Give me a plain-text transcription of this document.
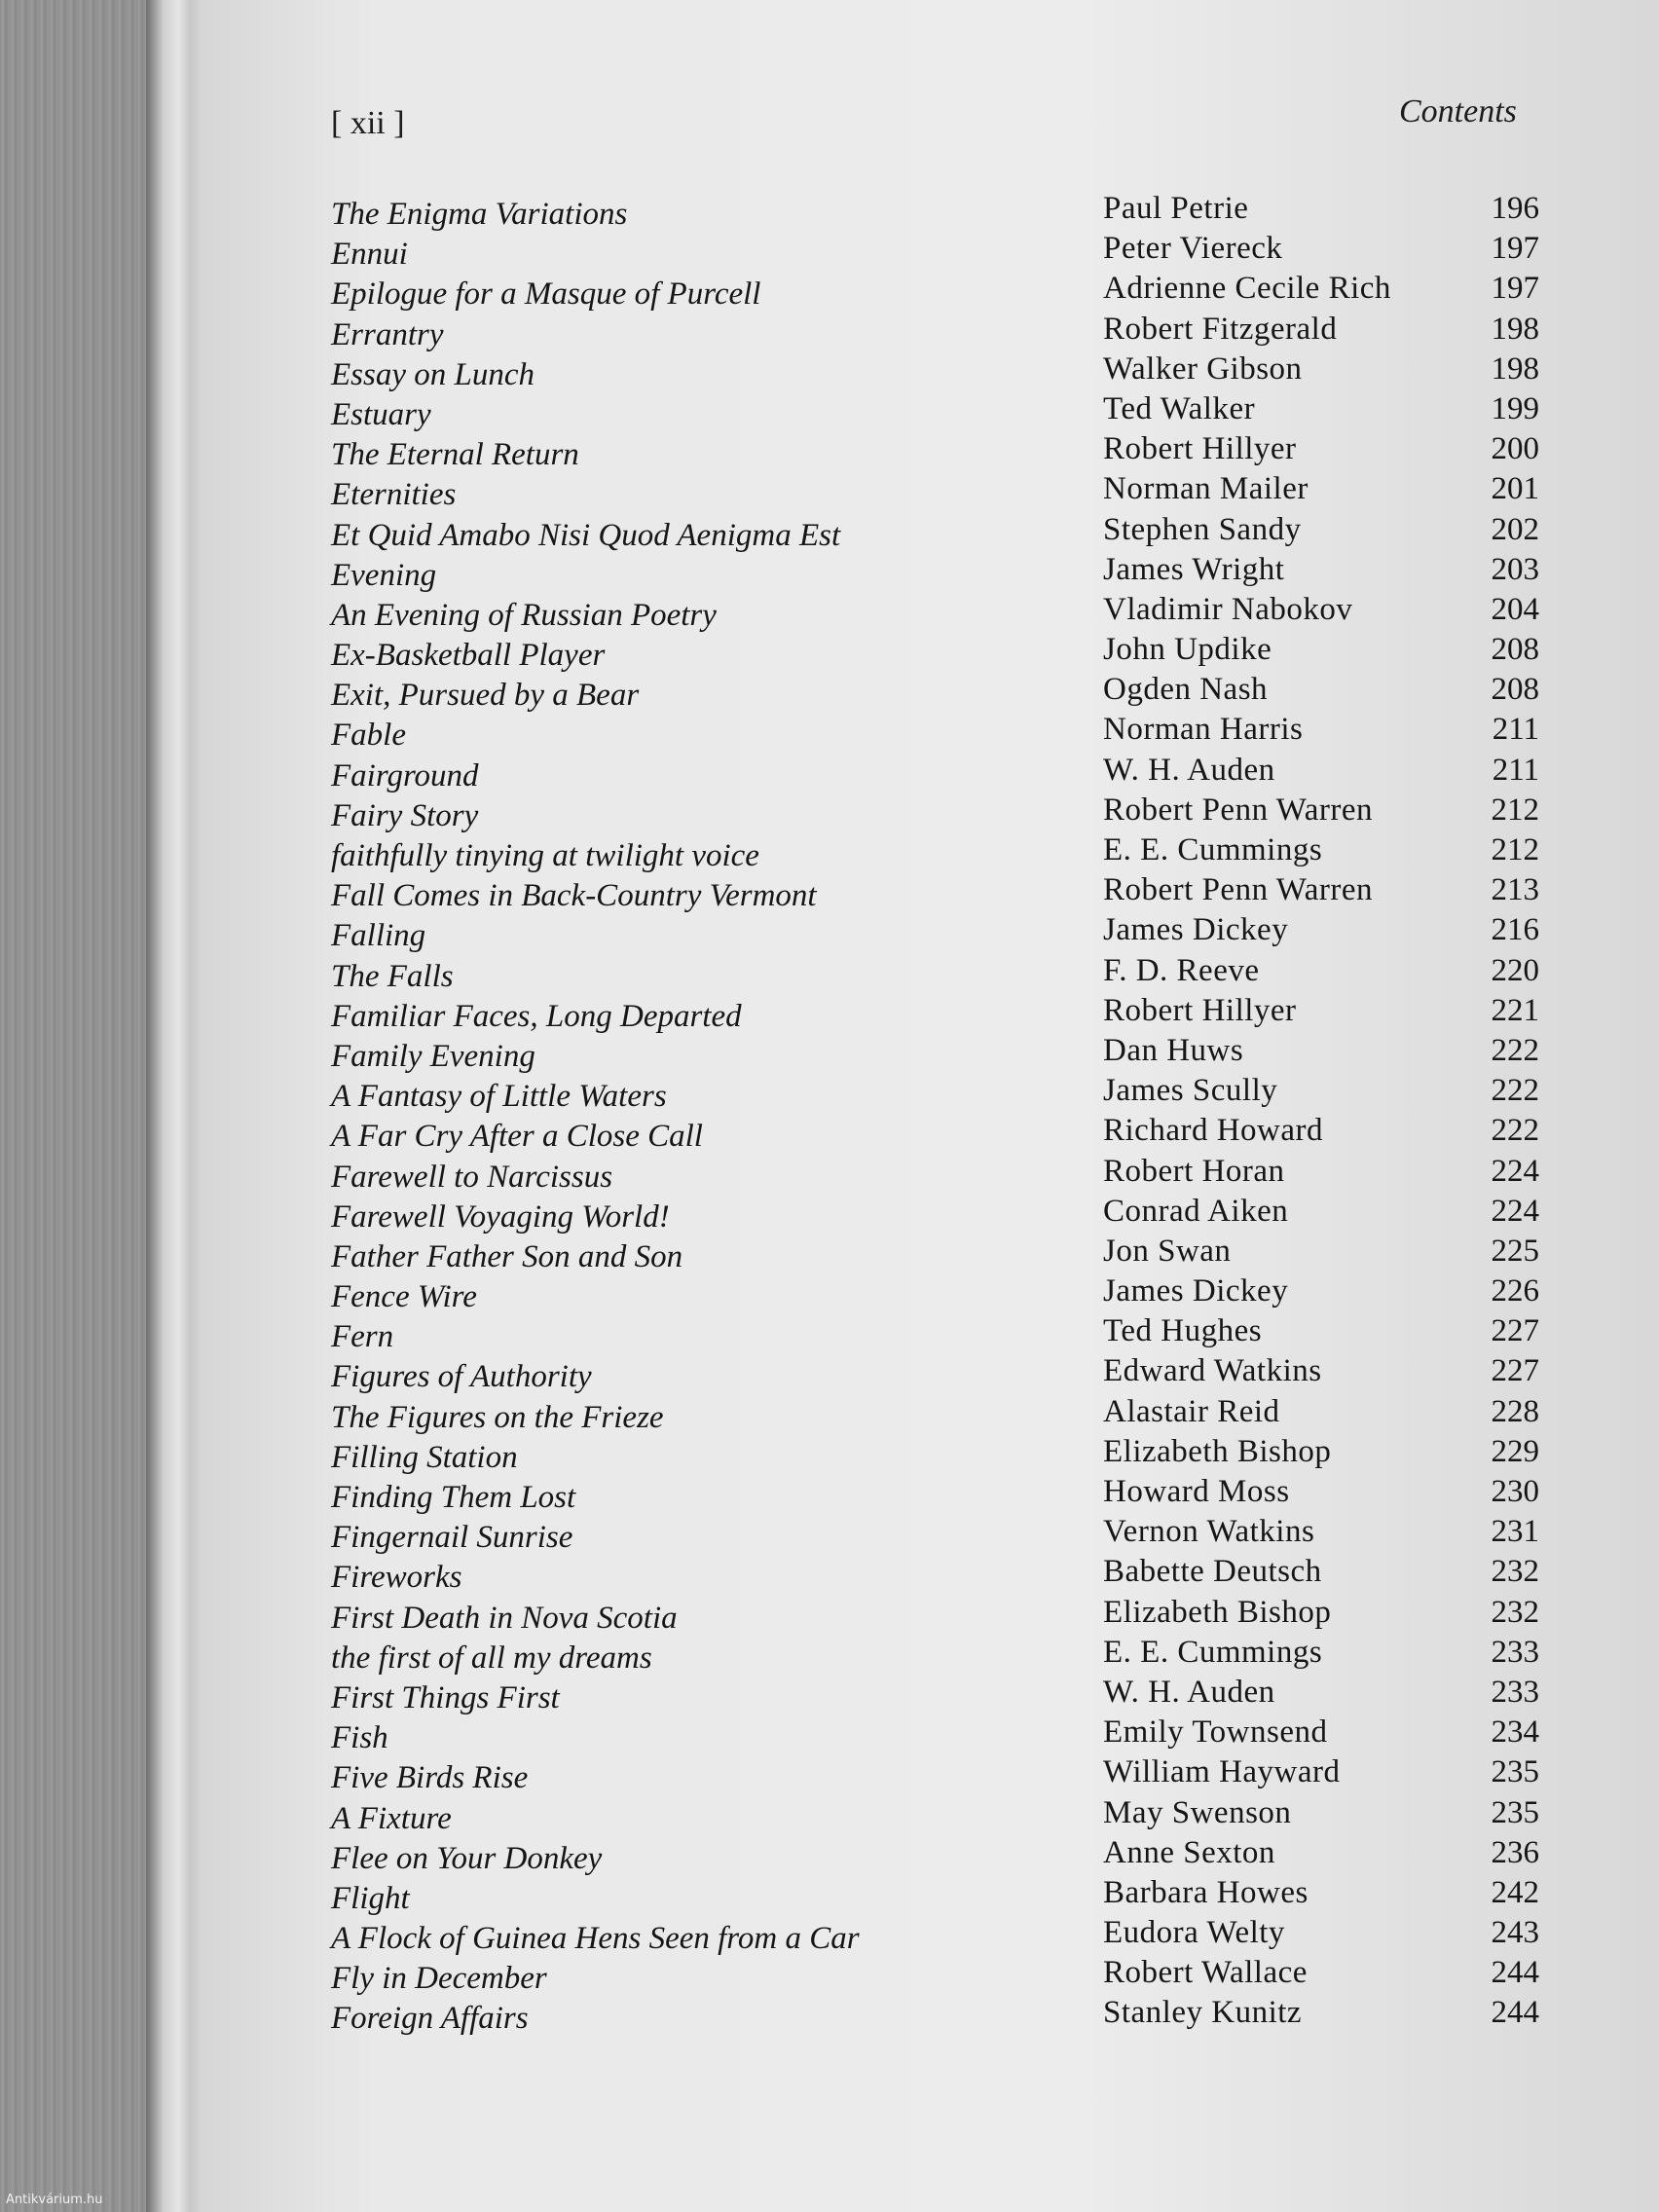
[ xii ]	Contents
The Enigma Variations	Paul Petrie	196
Ennui	Peter Viereck	197
Epilogue for a Masque of Purcell	Adrienne Cecile Rich	197
Errantry	Robert Fitzgerald	198
Essay on Lunch	Walker Gibson	198
Estuary	Ted Walker	199
The Eternal Return	Robert Hillyer	200
Eternities	Norman Mailer	201
Et Quid Amabo Nisi Quod Aenigma Est	Stephen Sandy	202
Evening	James Wright	203
An Evening of Russian Poetry	Vladimir Nabokov	204
Ex-Basketball Player	John Updike	208
Exit, Pursued by a Bear	Ogden Nash	208
Fable	Norman Harris	211
Fairground	W. H. Auden	211
Fairy Story	Robert Penn Warren	212
faithfully tinying at twilight voice	E. E. Cummings	212
Fall Comes in Back-Country Vermont	Robert Penn Warren	213
Falling	James Dickey	216
The Falls	F. D. Reeve	220
Familiar Faces, Long Departed	Robert Hillyer	221
Family Evening	Dan Huws	222
A Fantasy of Little Waters	James Scully	222
A Far Cry After a Close Call	Richard Howard	222
Farewell to Narcissus	Robert Horan	224
Farewell Voyaging World!	Conrad Aiken	224
Father Father Son and Son	Jon Swan	225
Fence Wire	James Dickey	226
Fern	Ted Hughes	227
Figures of Authority	Edward Watkins	227
The Figures on the Frieze	Alastair Reid	228
Filling Station	Elizabeth Bishop	229
Finding Them Lost	Howard Moss	230
Fingernail Sunrise	Vernon Watkins	231
Fireworks	Babette Deutsch	232
First Death in Nova Scotia	Elizabeth Bishop	232
the first of all my dreams	E. E. Cummings	233
First Things First	W. H. Auden	233
Fish	Emily Townsend	234
Five Birds Rise	William Hayward	235
A Fixture	May Swenson	235
Flee on Your Donkey	Anne Sexton	236
Flight	Barbara Howes	242
A Flock of Guinea Hens Seen from a Car	Eudora Welty	243
Fly in December	Robert Wallace	244
Foreign Affairs	Stanley Kunitz	244
Antikvárium.hu
